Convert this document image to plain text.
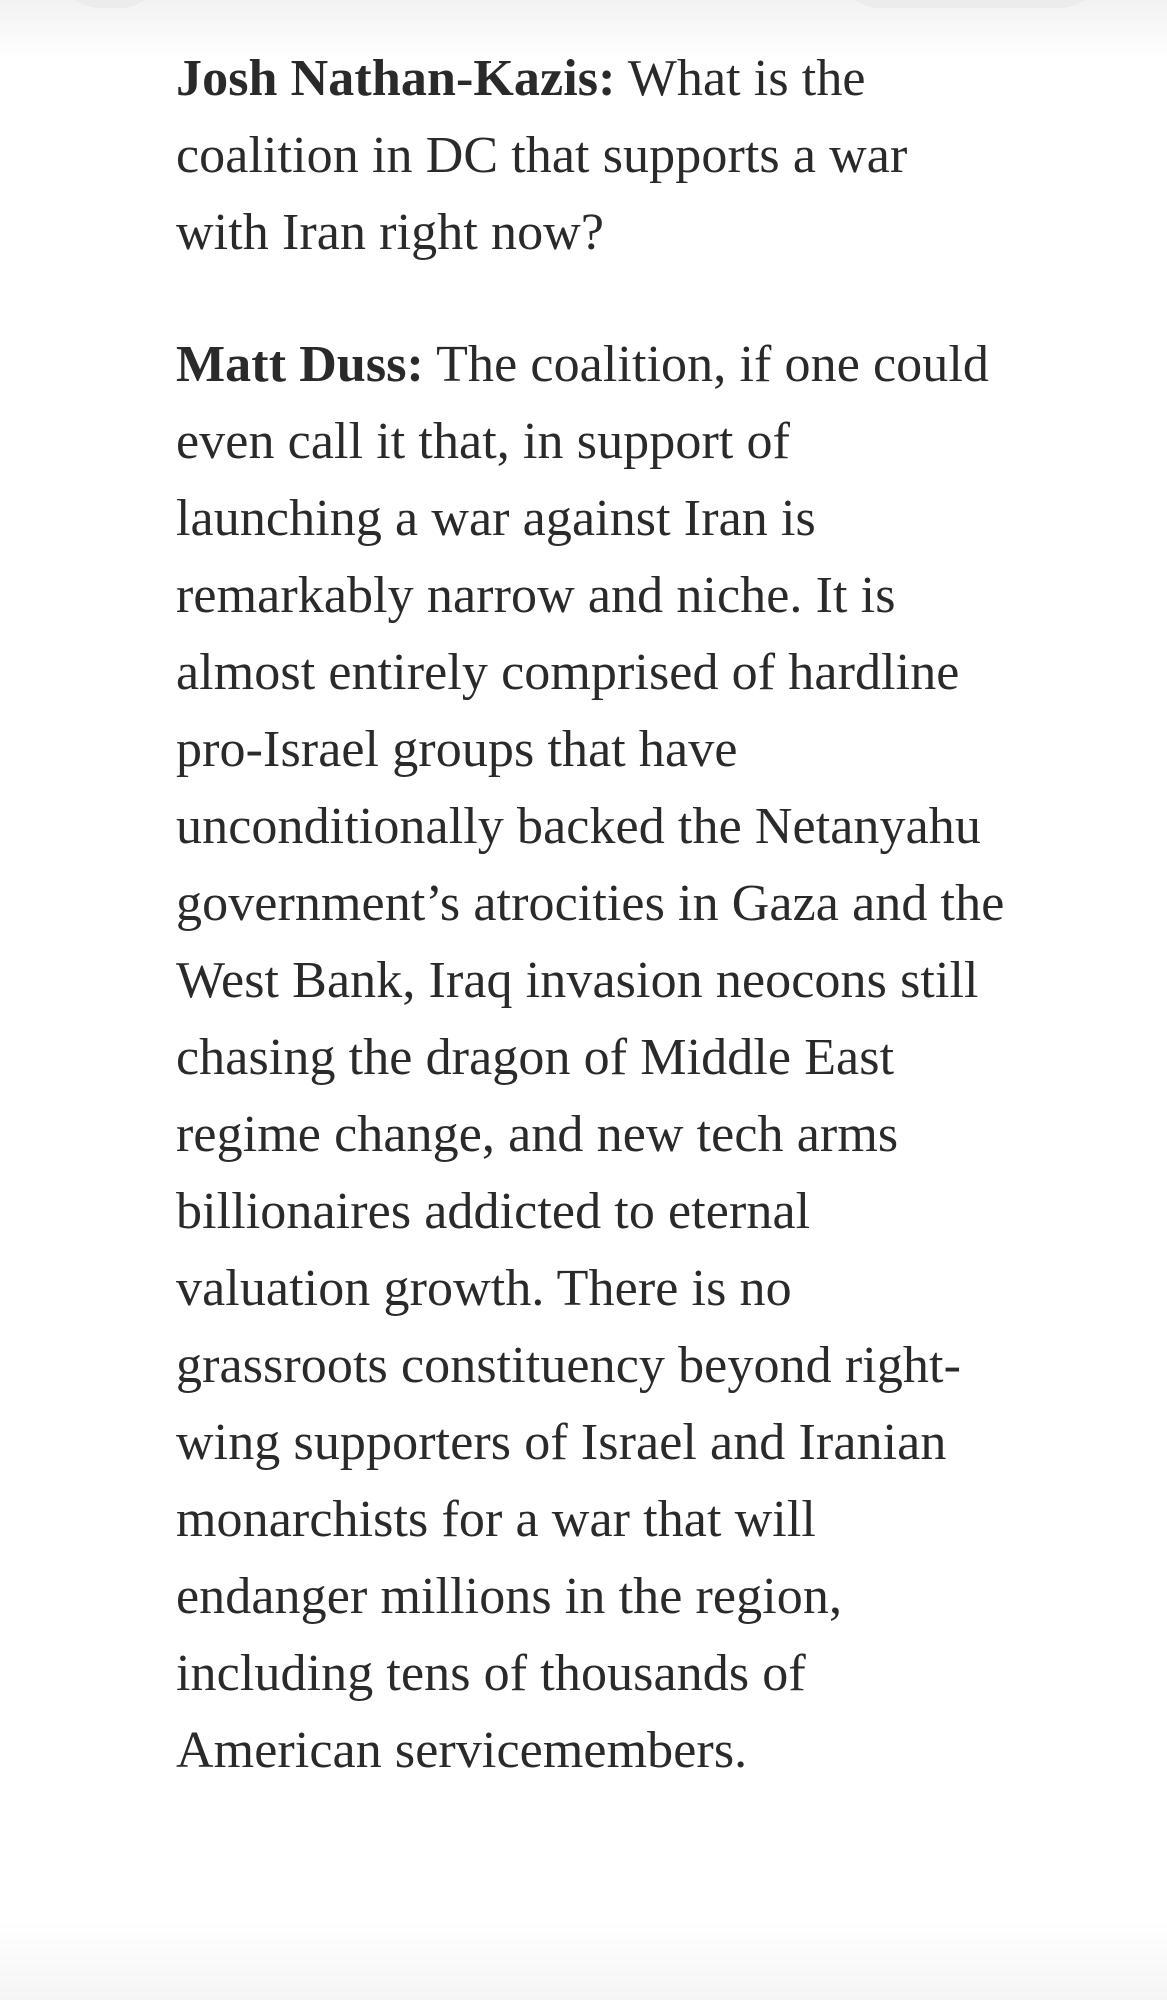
Josh Nathan-Kazis: What is the coalition in DC that supports a war with Iran right now?

Matt Duss: The coalition, if one could even call it that, in support of launching a war against Iran is remarkably narrow and niche. It is almost entirely comprised of hardline pro-Israel groups that have unconditionally backed the Netanyahu government’s atrocities in Gaza and the West Bank, Iraq invasion neocons still chasing the dragon of Middle East regime change, and new tech arms billionaires addicted to eternal valuation growth. There is no grassroots constituency beyond right-wing supporters of Israel and Iranian monarchists for a war that will endanger millions in the region, including tens of thousands of American servicemembers.
